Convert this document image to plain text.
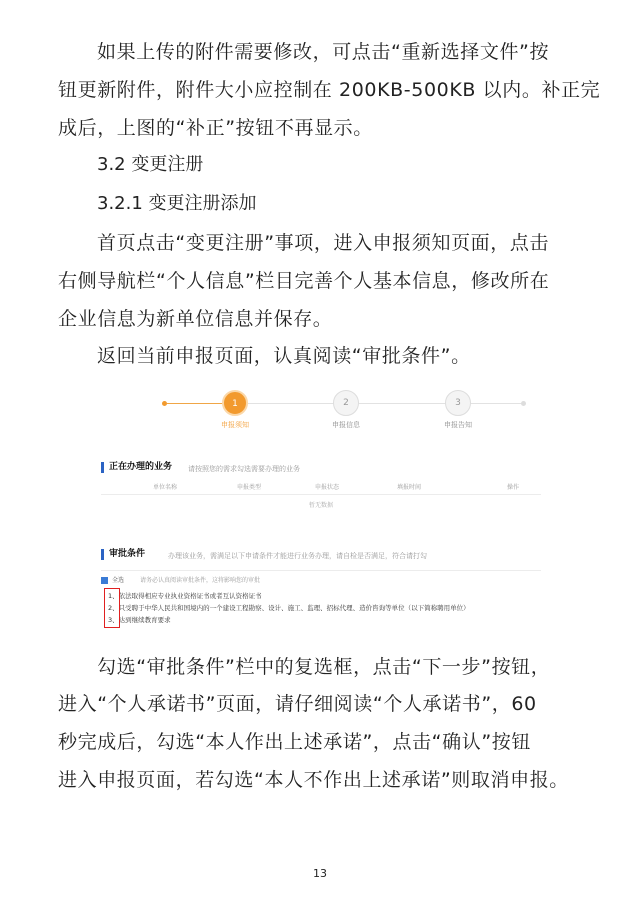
如果上传的附件需要修改，可点击“重新选择文件”按
钮更新附件，附件大小应控制在 200KB-500KB 以内。补正完
成后，上图的“补正”按钮不再显示。
3.2 变更注册
3.2.1 变更注册添加
首页点击“变更注册”事项，进入申报须知页面，点击
右侧导航栏“个人信息”栏目完善个人基本信息，修改所在
企业信息为新单位信息并保存。
返回当前申报页面，认真阅读“审批条件”。
1
申报须知
2
申报信息
3
申报告知
正在办理的业务 请按照您的需求勾选需要办理的业务
单位名称	申报类型	申报状态	填报时间	操作
暂无数据
审批条件	办理该业务，需满足以下申请条件才能进行业务办理，请自检是否满足，符合请打勾
全选	请务必认真阅读审批条件，这将影响您的审批
1、依法取得相应专业执业资格证书或者互认资格证书
2、只受聘于中华人民共和国境内的一个建设工程勘察、设计、施工、监理、招标代理、造价咨询等单位（以下简称聘用单位）
3、达到继续教育要求
勾选“审批条件”栏中的复选框，点击“下一步”按钮，
进入“个人承诺书”页面，请仔细阅读“个人承诺书”，60
秒完成后，勾选“本人作出上述承诺”，点击“确认”按钮
进入申报页面，若勾选“本人不作出上述承诺”则取消申报。
13
